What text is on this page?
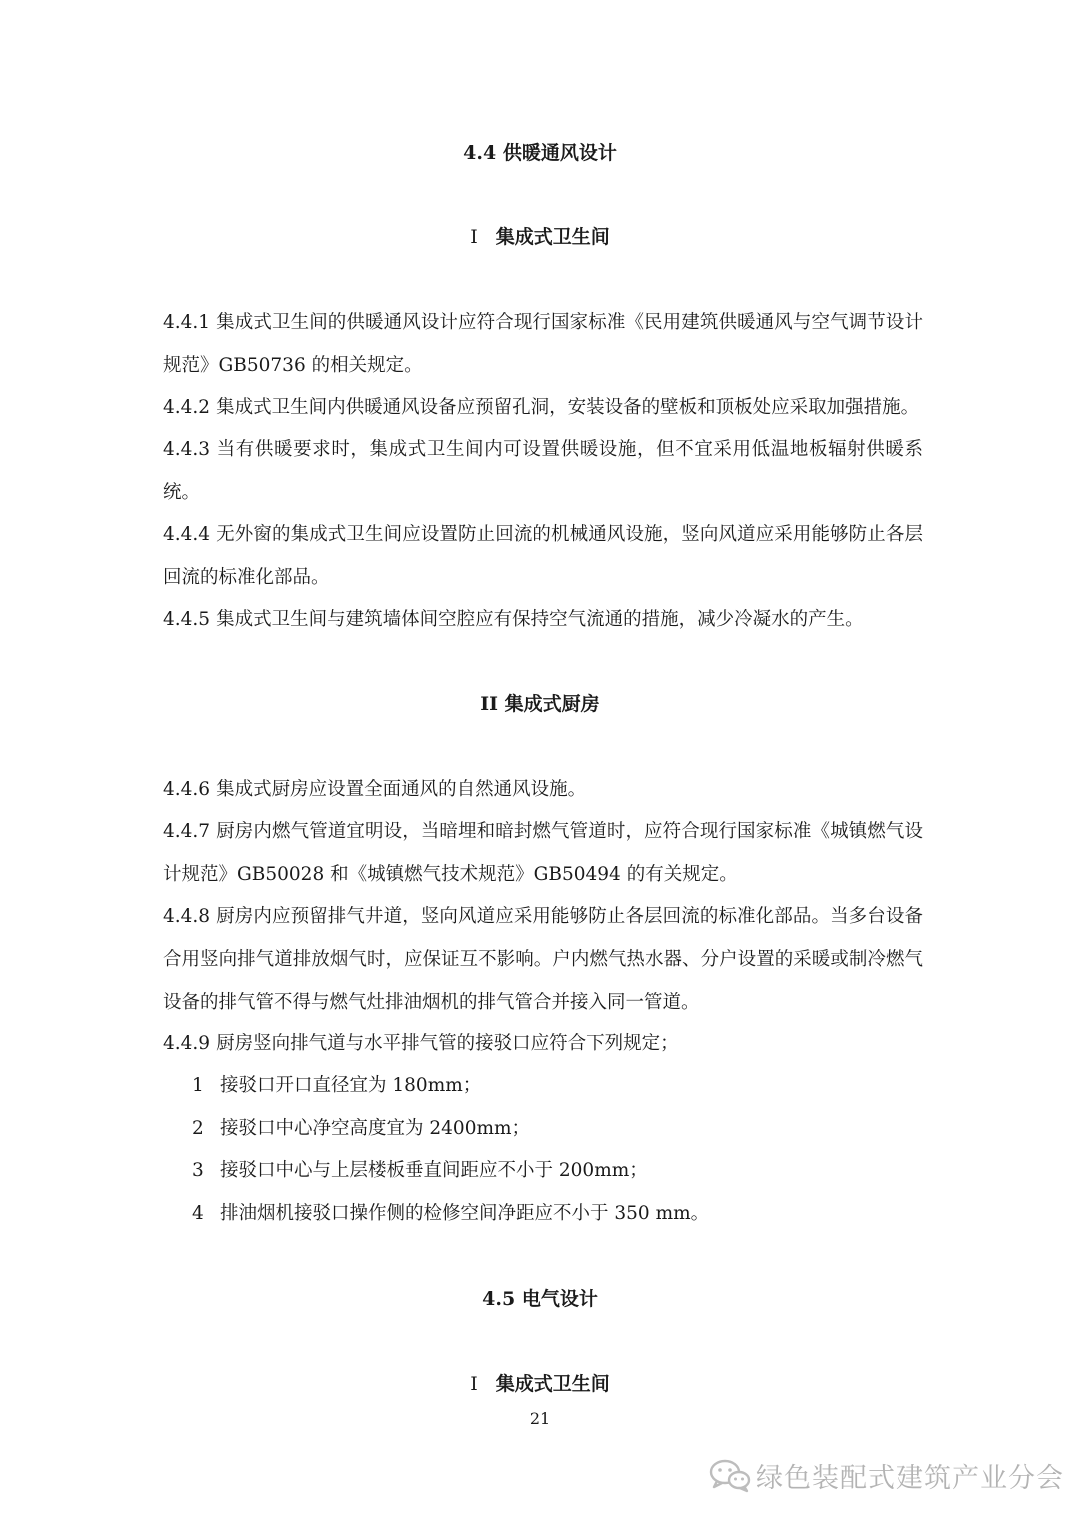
4.4 供暖通风设计
I 集成式卫生间
4.4.1 集成式卫生间的供暖通风设计应符合现行国家标准《民用建筑供暖通风与空气调节设计规范》GB50736 的相关规定。
4.4.2 集成式卫生间内供暖通风设备应预留孔洞，安装设备的壁板和顶板处应采取加强措施。
4.4.3 当有供暖要求时，集成式卫生间内可设置供暖设施，但不宜采用低温地板辐射供暖系统。
4.4.4 无外窗的集成式卫生间应设置防止回流的机械通风设施，竖向风道应采用能够防止各层回流的标准化部品。
4.4.5 集成式卫生间与建筑墙体间空腔应有保持空气流通的措施，减少冷凝水的产生。
II 集成式厨房
4.4.6 集成式厨房应设置全面通风的自然通风设施。
4.4.7 厨房内燃气管道宜明设，当暗埋和暗封燃气管道时，应符合现行国家标准《城镇燃气设计规范》GB50028 和《城镇燃气技术规范》GB50494 的有关规定。
4.4.8 厨房内应预留排气井道，竖向风道应采用能够防止各层回流的标准化部品。当多台设备合用竖向排气道排放烟气时，应保证互不影响。户内燃气热水器、分户设置的采暖或制冷燃气设备的排气管不得与燃气灶排油烟机的排气管合并接入同一管道。
4.4.9 厨房竖向排气道与水平排气管的接驳口应符合下列规定；
1 接驳口开口直径宜为 180mm；
2 接驳口中心净空高度宜为 2400mm；
3 接驳口中心与上层楼板垂直间距应不小于 200mm；
4 排油烟机接驳口操作侧的检修空间净距应不小于 350 mm。
4.5 电气设计
I 集成式卫生间
21
绿色装配式建筑产业分会
